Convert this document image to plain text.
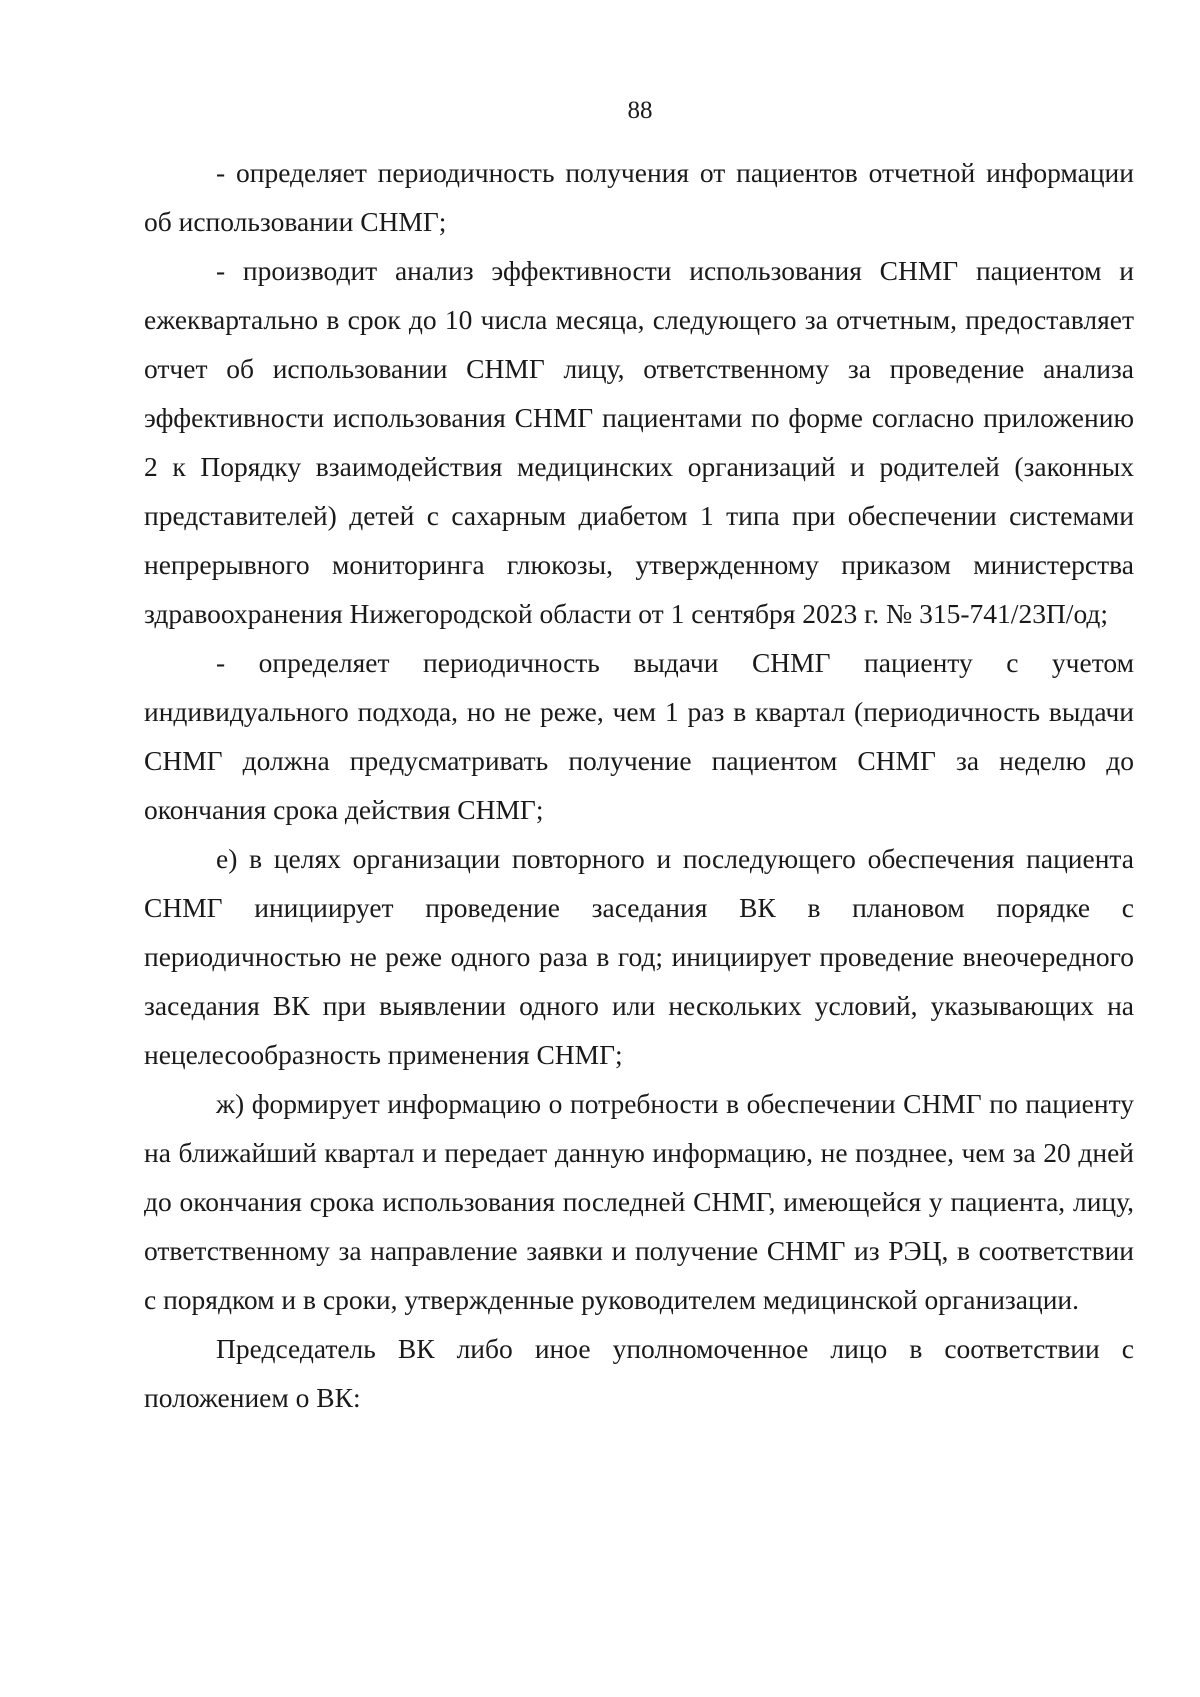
88

- определяет периодичность получения от пациентов отчетной информации об использовании СНМГ;

- производит анализ эффективности использования СНМГ пациентом и ежеквартально в срок до 10 числа месяца, следующего за отчетным, предоставляет отчет об использовании СНМГ лицу, ответственному за проведение анализа эффективности использования СНМГ пациентами по форме согласно приложению 2 к Порядку взаимодействия медицинских организаций и родителей (законных представителей) детей с сахарным диабетом 1 типа при обеспечении системами непрерывного мониторинга глюкозы, утвержденному приказом министерства здравоохранения Нижегородской области от 1 сентября 2023 г. № 315-741/23П/од;

- определяет периодичность выдачи СНМГ пациенту с учетом индивидуального подхода, но не реже, чем 1 раз в квартал (периодичность выдачи СНМГ должна предусматривать получение пациентом СНМГ за неделю до окончания срока действия СНМГ;

е) в целях организации повторного и последующего обеспечения пациента СНМГ инициирует проведение заседания ВК в плановом порядке с периодичностью не реже одного раза в год; инициирует проведение внеочередного заседания ВК при выявлении одного или нескольких условий, указывающих на нецелесообразность применения СНМГ;

ж) формирует информацию о потребности в обеспечении СНМГ по пациенту на ближайший квартал и передает данную информацию, не позднее, чем за 20 дней до окончания срока использования последней СНМГ, имеющейся у пациента, лицу, ответственному за направление заявки и получение СНМГ из РЭЦ, в соответствии с порядком и в сроки, утвержденные руководителем медицинской организации.

Председатель ВК либо иное уполномоченное лицо в соответствии с положением о ВК:
